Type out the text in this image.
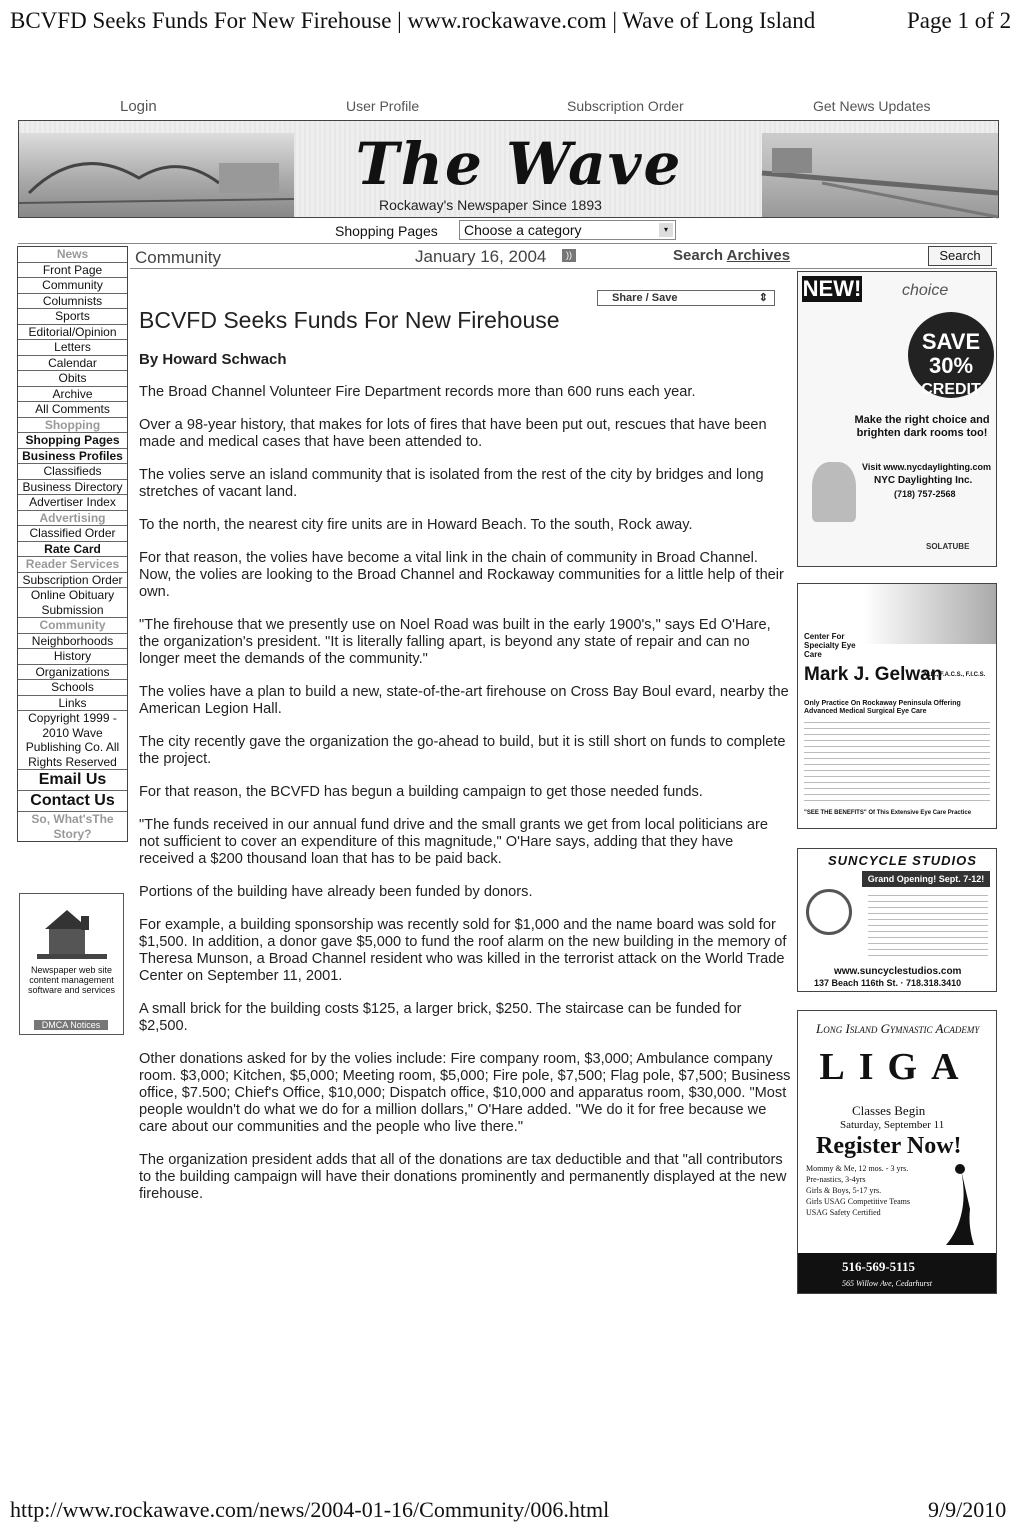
BCVFD Seeks Funds For New Firehouse | www.rockawave.com | Wave of Long Island	Page 1 of 2
Login	User Profile	Subscription Order	Get News Updates
The Wave
Rockaway's Newspaper Since 1893
Shopping Pages	Choose a category	▾
News
Front Page
Community
Columnists
Sports
Editorial/Opinion
Letters
Calendar
Obits
Archive
All Comments
Shopping
Shopping Pages
Business Profiles
Classifieds
Business Directory
Advertiser Index
Advertising
Classified Order
Rate Card
Reader Services
Subscription Order
Online Obituary Submission
Community
Neighborhoods
History
Organizations
Schools
Links
Copyright 1999 - 2010 Wave Publishing Co. All Rights Reserved
Email Us
Contact Us
So, What'sThe Story?
Newspaper web site content management software and services
DMCA Notices
Community	January 16, 2004	))	Search Archives	Search
Share / Save	⇕
BCVFD Seeks Funds For New Firehouse
By Howard Schwach

The Broad Channel Volunteer Fire Department records more than 600 runs each year.

Over a 98-year history, that makes for lots of fires that have been put out, rescues that have been made and medical cases that have been attended to.

The volies serve an island community that is isolated from the rest of the city by bridges and long stretches of vacant land.

To the north, the nearest city fire units are in Howard Beach. To the south, Rock away.

For that reason, the volies have become a vital link in the chain of community in Broad Channel. Now, the volies are looking to the Broad Channel and Rockaway communities for a little help of their own.

"The firehouse that we presently use on Noel Road was built in the early 1900's," says Ed O'Hare, the organization's president. "It is literally falling apart, is beyond any state of repair and can no longer meet the demands of the community."

The volies have a plan to build a new, state-of-the-art firehouse on Cross Bay Boul evard, nearby the American Legion Hall.

The city recently gave the organization the go-ahead to build, but it is still short on funds to complete the project.

For that reason, the BCVFD has begun a building campaign to get those needed funds.

"The funds received in our annual fund drive and the small grants we get from local politicians are not sufficient to cover an expenditure of this magnitude," O'Hare says, adding that they have received a $200 thousand loan that has to be paid back.

Portions of the building have already been funded by donors.

For example, a building sponsorship was recently sold for $1,000 and the name board was sold for $1,500. In addition, a donor gave $5,000 to fund the roof alarm on the new building in the memory of Theresa Munson, a Broad Channel resident who was killed in the terrorist attack on the World Trade Center on September 11, 2001.

A small brick for the building costs $125, a larger brick, $250. The staircase can be funded for $2,500.

Other donations asked for by the volies include: Fire company room, $3,000; Ambulance company room. $3,000; Kitchen, $5,000; Meeting room, $5,000; Fire pole, $7,500; Flag pole, $7,500; Business office, $7.500; Chief's Office, $10,000; Dispatch office, $10,000 and apparatus room, $30,000. "Most people wouldn't do what we do for a million dollars," O'Hare added. "We do it for free because we care about our communities and the people who live there."

The organization president adds that all of the donations are tax deductible and that "all contributors to the building campaign will have their donations prominently and permanently displayed at the new firehouse.

NEW!	choice
SAVE 30%
CREDIT
Make the right choice and brighten dark rooms too!
Visit www.nycdaylighting.com
NYC Daylighting Inc.
(718) 757-2568
SOLATUBE
Center For Specialty Eye Care
Mark J. Gelwan
M.D., F.A.C.S., F.I.C.S.
Only Practice On Rockaway Peninsula Offering Advanced Medical Surgical Eye Care
"SEE THE BENEFITS" Of This Extensive Eye Care Practice
SUNCYCLE STUDIOS
Grand Opening! Sept. 7-12!
www.suncyclestudios.com
137 Beach 116th St. · 718.318.3410
Long Island Gymnastic Academy
LIGA
Classes Begin
Saturday, September 11
Register Now!
Mommy & Me, 12 mos. - 3 yrs.
Pre-nastics, 3-4yrs
Girls & Boys, 5-17 yrs.
Girls USAG Competitive Teams
USAG Safety Certified
516-569-5115
565 Willow Ave, Cedarhurst
http://www.rockawave.com/news/2004-01-16/Community/006.html	9/9/2010
